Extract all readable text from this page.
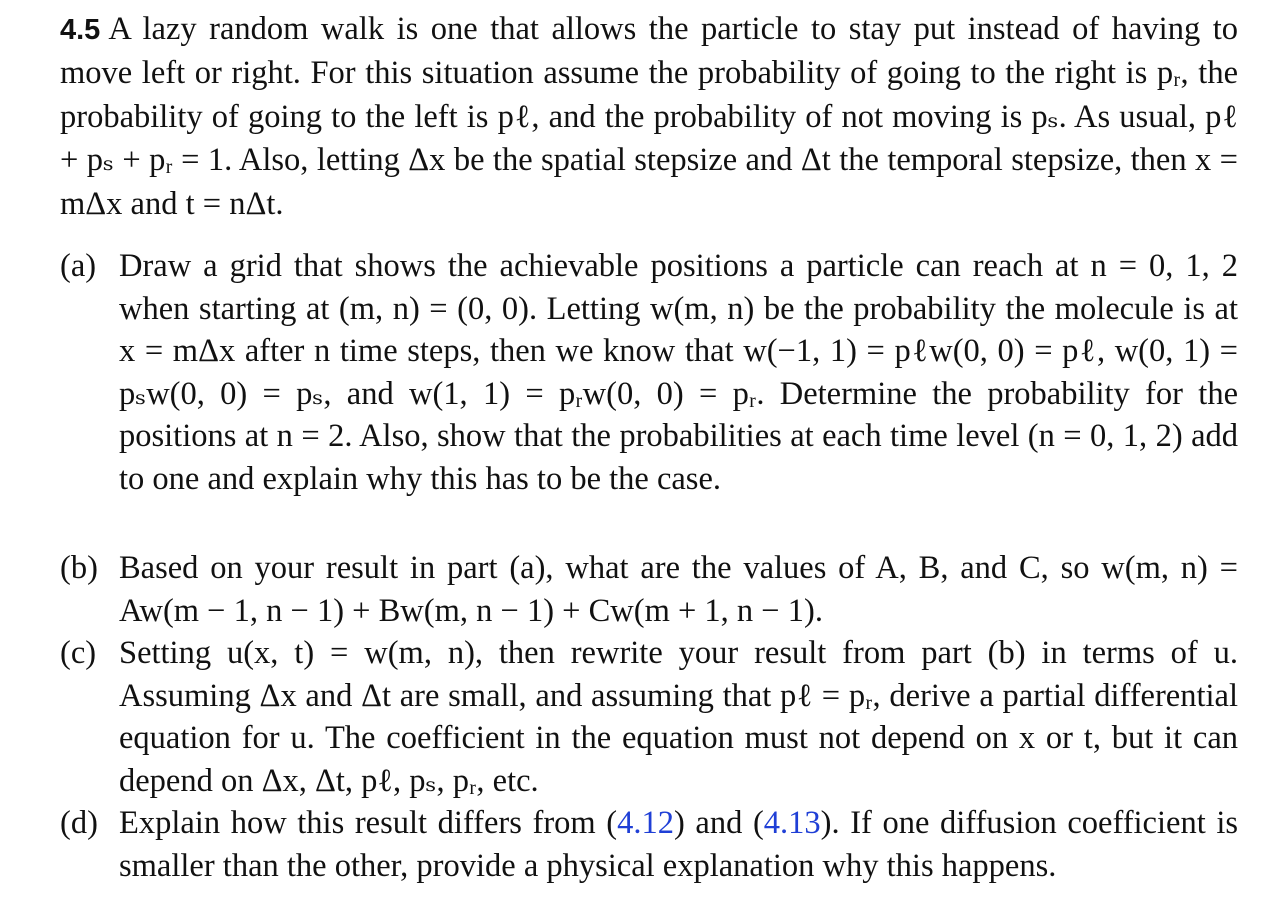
4.5 A lazy random walk is one that allows the particle to stay put instead of having to move left or right. For this situation assume the probability of going to the right is pᵣ, the probability of going to the left is pℓ, and the probability of not moving is pₛ. As usual, pℓ + pₛ + pᵣ = 1. Also, letting Δx be the spatial stepsize and Δt the temporal stepsize, then x = mΔx and t = nΔt.

(a) Draw a grid that shows the achievable positions a particle can reach at n = 0, 1, 2 when starting at (m, n) = (0, 0). Letting w(m, n) be the probability the molecule is at x = mΔx after n time steps, then we know that w(−1, 1) = pℓw(0, 0) = pℓ, w(0, 1) = pₛw(0, 0) = pₛ, and w(1, 1) = pᵣw(0, 0) = pᵣ. Determine the probability for the positions at n = 2. Also, show that the probabilities at each time level (n = 0, 1, 2) add to one and explain why this has to be the case.
(b) Based on your result in part (a), what are the values of A, B, and C, so w(m, n) = Aw(m − 1, n − 1) + Bw(m, n − 1) + Cw(m + 1, n − 1).
(c) Setting u(x, t) = w(m, n), then rewrite your result from part (b) in terms of u. Assuming Δx and Δt are small, and assuming that pℓ = pᵣ, derive a partial differential equation for u. The coefficient in the equation must not depend on x or t, but it can depend on Δx, Δt, pℓ, pₛ, pᵣ, etc.
(d) Explain how this result differs from (4.12) and (4.13). If one diffusion coefficient is smaller than the other, provide a physical explanation why this happens.
